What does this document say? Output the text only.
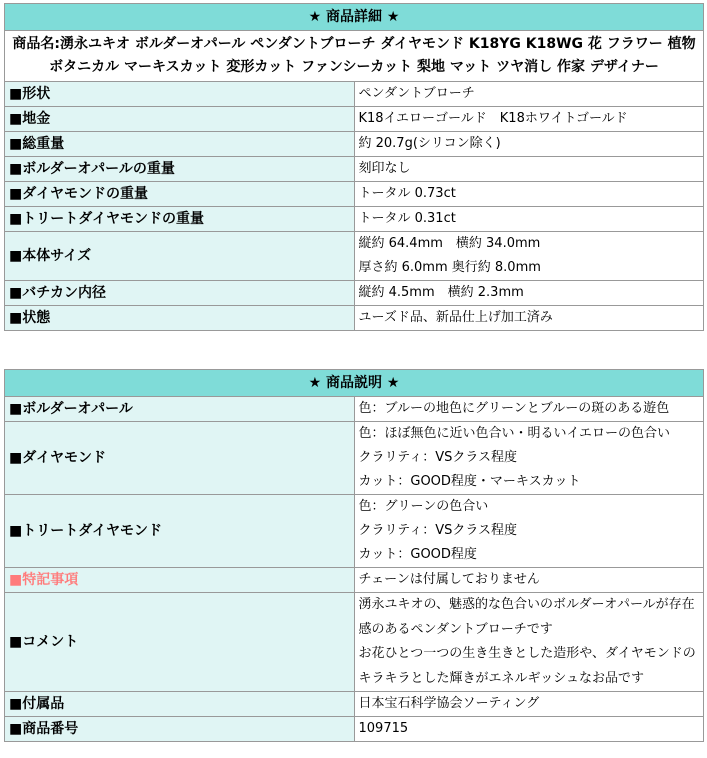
★ 商品詳細 ★	
商品名:湧永ユキオ ボルダーオパール ペンダントブローチ ダイヤモンド K18YG K18WG 花 フラワー 植物 ボタニカル マーキスカット 変形カット ファンシーカット 梨地 マット ツヤ消し 作家 デザイナー	
■形状	ペンダントブローチ
■地金	K18イエローゴールド　K18ホワイトゴールド
■総重量	約 20.7g(シリコン除く)
■ボルダーオパールの重量	刻印なし
■ダイヤモンドの重量	トータル 0.73ct
■トリートダイヤモンドの重量	トータル 0.31ct
■本体サイズ	縦約 64.4mm　横約 34.0mm
厚さ約 6.0mm 奥行約 8.0mm

■バチカン内径	縦約 4.5mm　横約 2.3mm
■状態	ユーズド品、新品仕上げ加工済み
★ 商品説明 ★	
■ボルダーオパール	色：ブルーの地色にグリーンとブルーの斑のある遊色
■ダイヤモンド	色：ほぼ無色に近い色合い・明るいイエローの色合い
クラリティ：VSクラス程度
カット：GOOD程度・マーキスカット

■トリートダイヤモンド	色：グリーンの色合い
クラリティ：VSクラス程度
カット：GOOD程度

■特記事項	チェーンは付属しておりません
■コメント	湧永ユキオの、魅惑的な色合いのボルダーオパールが存在感のあるペンダントブローチです
お花ひとつ一つの生き生きとした造形や、ダイヤモンドのキラキラとした輝きがエネルギッシュなお品です

■付属品	日本宝石科学協会ソーティング
■商品番号	109715
